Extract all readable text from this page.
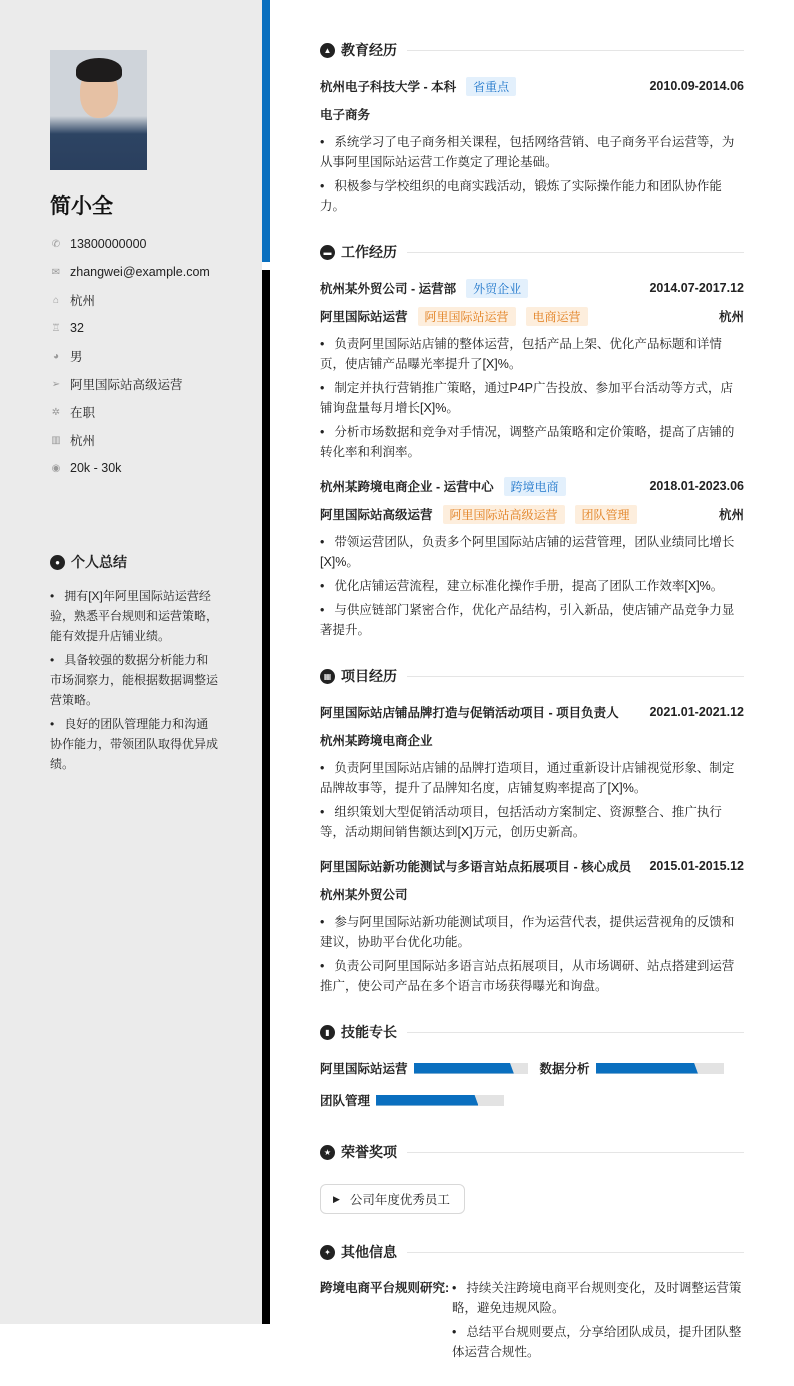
简小全
✆ 13800000000
✉ zhangwei@example.com
⌂ 杭州
♖ 32
◕ 男
➢ 阿里国际站高级运营
✲ 在职
▥ 杭州
◉ 20k - 30k
● 个人总结
• 拥有[X]年阿里国际站运营经验，熟悉平台规则和运营策略，能有效提升店铺业绩。
• 具备较强的数据分析能力和市场洞察力，能根据数据调整运营策略。
• 良好的团队管理能力和沟通协作能力，带领团队取得优异成绩。
▲ 教育经历
杭州电子科技大学 - 本科	省重点	2010.09-2014.06
电子商务
• 系统学习了电子商务相关课程，包括网络营销、电子商务平台运营等，为从事阿里国际站运营工作奠定了理论基础。
• 积极参与学校组织的电商实践活动，锻炼了实际操作能力和团队协作能力。
▬ 工作经历
杭州某外贸公司 - 运营部	外贸企业	2014.07-2017.12
阿里国际站运营	阿里国际站运营	电商运营	杭州
• 负责阿里国际站店铺的整体运营，包括产品上架、优化产品标题和详情页，使店铺产品曝光率提升了[X]%。
• 制定并执行营销推广策略，通过P4P广告投放、参加平台活动等方式，店铺询盘量每月增长[X]%。
• 分析市场数据和竞争对手情况，调整产品策略和定价策略，提高了店铺的转化率和利润率。
杭州某跨境电商企业 - 运营中心	跨境电商	2018.01-2023.06
阿里国际站高级运营	阿里国际站高级运营	团队管理	杭州
• 带领运营团队，负责多个阿里国际站店铺的运营管理，团队业绩同比增长[X]%。
• 优化店铺运营流程，建立标准化操作手册，提高了团队工作效率[X]%。
• 与供应链部门紧密合作，优化产品结构，引入新品，使店铺产品竞争力显著提升。
▦ 项目经历
阿里国际站店铺品牌打造与促销活动项目 - 项目负责人 2021.01-2021.12
杭州某跨境电商企业
• 负责阿里国际站店铺的品牌打造项目，通过重新设计店铺视觉形象、制定品牌故事等，提升了品牌知名度，店铺复购率提高了[X]%。
• 组织策划大型促销活动项目，包括活动方案制定、资源整合、推广执行等，活动期间销售额达到[X]万元，创历史新高。
阿里国际站新功能测试与多语言站点拓展项目 - 核心成员 2015.01-2015.12
杭州某外贸公司
• 参与阿里国际站新功能测试项目，作为运营代表，提供运营视角的反馈和建议，协助平台优化功能。
• 负责公司阿里国际站多语言站点拓展项目，从市场调研、站点搭建到运营推广，使公司产品在多个语言市场获得曝光和询盘。
▮ 技能专长
阿里国际站运营	数据分析
团队管理
★ 荣誉奖项
▶ 公司年度优秀员工
✦ 其他信息
跨境电商平台规则研究: • 持续关注跨境电商平台规则变化，及时调整运营策略，避免违规风险。
• 总结平台规则要点，分享给团队成员，提升团队整体运营合规性。
